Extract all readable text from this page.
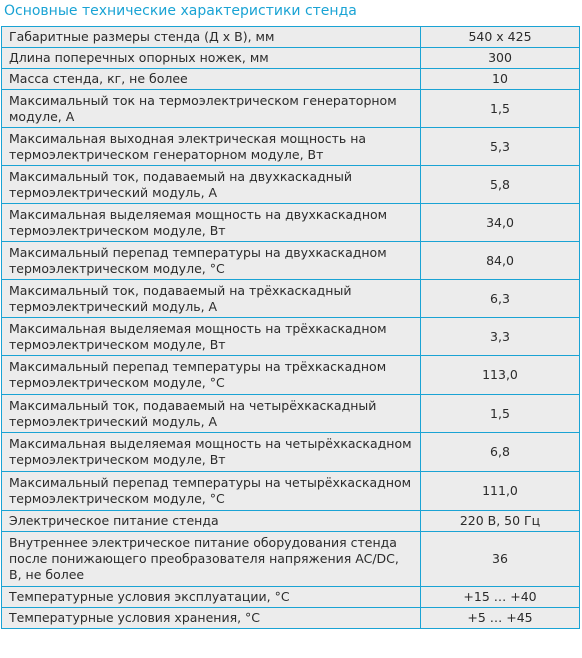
Основные технические характеристики стенда
Габаритные размеры стенда (Д х В), мм	540 х 425
Длина поперечных опорных ножек, мм	300
Масса стенда, кг, не более	10
Максимальный ток на термоэлектрическом генераторном модуле, А	1,5
Максимальная выходная электрическая мощность на термоэлектрическом генераторном модуле, Вт	5,3
Максимальный ток, подаваемый на двухкаскадный термоэлектрический модуль, А	5,8
Максимальная выделяемая мощность на двухкаскадном термоэлектрическом модуле, Вт	34,0
Максимальный перепад температуры на двухкаскадном термоэлектрическом модуле, °С	84,0
Максимальный ток, подаваемый на трёхкаскадный термоэлектрический модуль, А	6,3
Максимальная выделяемая мощность на трёхкаскадном термоэлектрическом модуле, Вт	3,3
Максимальный перепад температуры на трёхкаскадном термоэлектрическом модуле, °С	113,0
Максимальный ток, подаваемый на четырёхкаскадный термоэлектрический модуль, А	1,5
Максимальная выделяемая мощность на четырёхкаскадном термоэлектрическом модуле, Вт	6,8
Максимальный перепад температуры на четырёхкаскадном термоэлектрическом модуле, °С	111,0
Электрическое питание стенда	220 В, 50 Гц
Внутреннее электрическое питание оборудования стенда после понижающего преобразователя напряжения AC/DC, В, не более	36
Температурные условия эксплуатации, °С	+15 … +40
Температурные условия хранения, °С	+5 … +45
